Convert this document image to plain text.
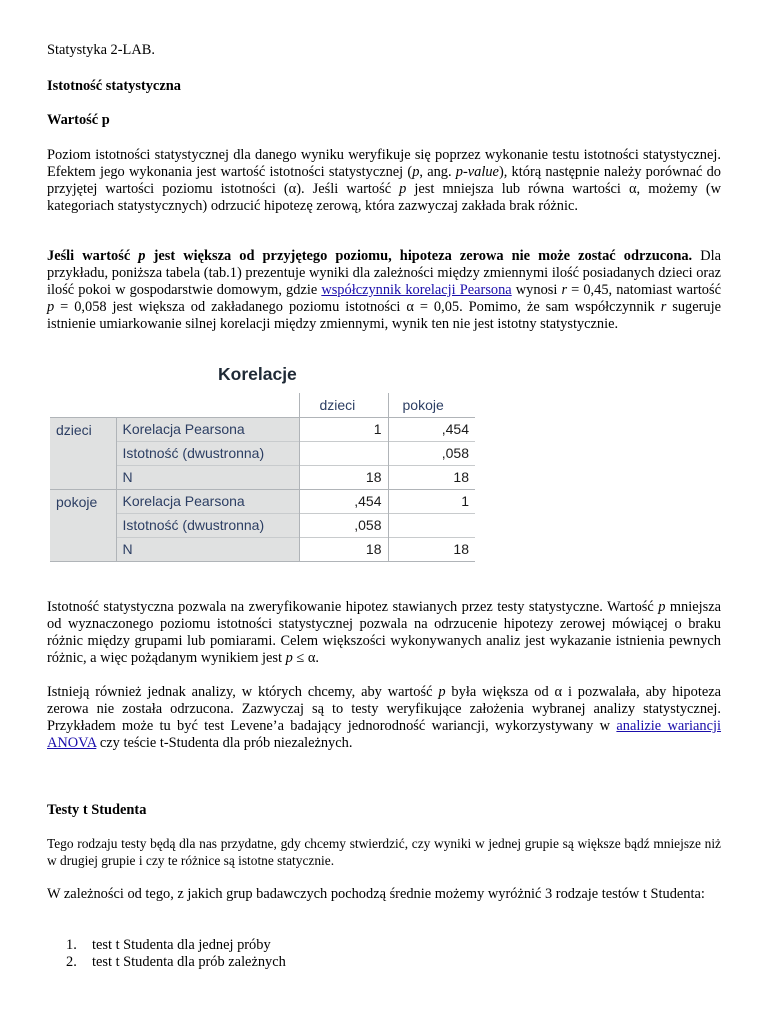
Statystyka 2-LAB.
Istotność statystyczna
Wartość p

Poziom istotności statystycznej dla danego wyniku weryfikuje się poprzez wykonanie testu istotności statystycznej. Efektem jego wykonania jest wartość istotności statystycznej (p, ang. p-value), którą następnie należy porównać do przyjętej wartości poziomu istotności (α). Jeśli wartość p jest mniejsza lub równa wartości α, możemy (w kategoriach statystycznych) odrzucić hipotezę zerową, która zazwyczaj zakłada brak różnic.

Jeśli wartość p jest większa od przyjętego poziomu, hipoteza zerowa nie może zostać odrzucona. Dla przykładu, poniższa tabela (tab.1) prezentuje wyniki dla zależności między zmiennymi ilość posiadanych dzieci oraz ilość pokoi w gospodarstwie domowym, gdzie współczynnik korelacji Pearsona wynosi r = 0,45, natomiast wartość p = 0,058 jest większa od zakładanego poziomu istotności α = 0,05. Pomimo, że sam współczynnik r sugeruje istnienie umiarkowanie silnej korelacji między zmiennymi, wynik ten nie jest istotny statystycznie.

Korelacje
		dzieci	pokoje
dzieci	Korelacja Pearsona	1	,454
	Istotność (dwustronna)		,058
	N	18	18
pokoje	Korelacja Pearsona	,454	1
	Istotność (dwustronna)	,058	
	N	18	18

Istotność statystyczna pozwala na zweryfikowanie hipotez stawianych przez testy statystyczne. Wartość p mniejsza od wyznaczonego poziomu istotności statystycznej pozwala na odrzucenie hipotezy zerowej mówiącej o braku różnic między grupami lub pomiarami. Celem większości wykonywanych analiz jest wykazanie istnienia pewnych różnic, a więc pożądanym wynikiem jest p ≤ α.

Istnieją również jednak analizy, w których chcemy, aby wartość p była większa od α i pozwalała, aby hipoteza zerowa nie została odrzucona. Zazwyczaj są to testy weryfikujące założenia wybranej analizy statystycznej. Przykładem może tu być test Levene’a badający jednorodność wariancji, wykorzystywany w analizie wariancji ANOVA czy teście t-Studenta dla prób niezależnych.

Testy t Studenta

Tego rodzaju testy będą dla nas przydatne, gdy chcemy stwierdzić, czy wyniki w jednej grupie są większe bądź mniejsze niż w drugiej grupie i czy te różnice są istotne statycznie.

W zależności od tego, z jakich grup badawczych pochodzą średnie możemy wyróżnić 3 rodzaje testów t Studenta:

1. test t Studenta dla jednej próby
2. test t Studenta dla prób zależnych
